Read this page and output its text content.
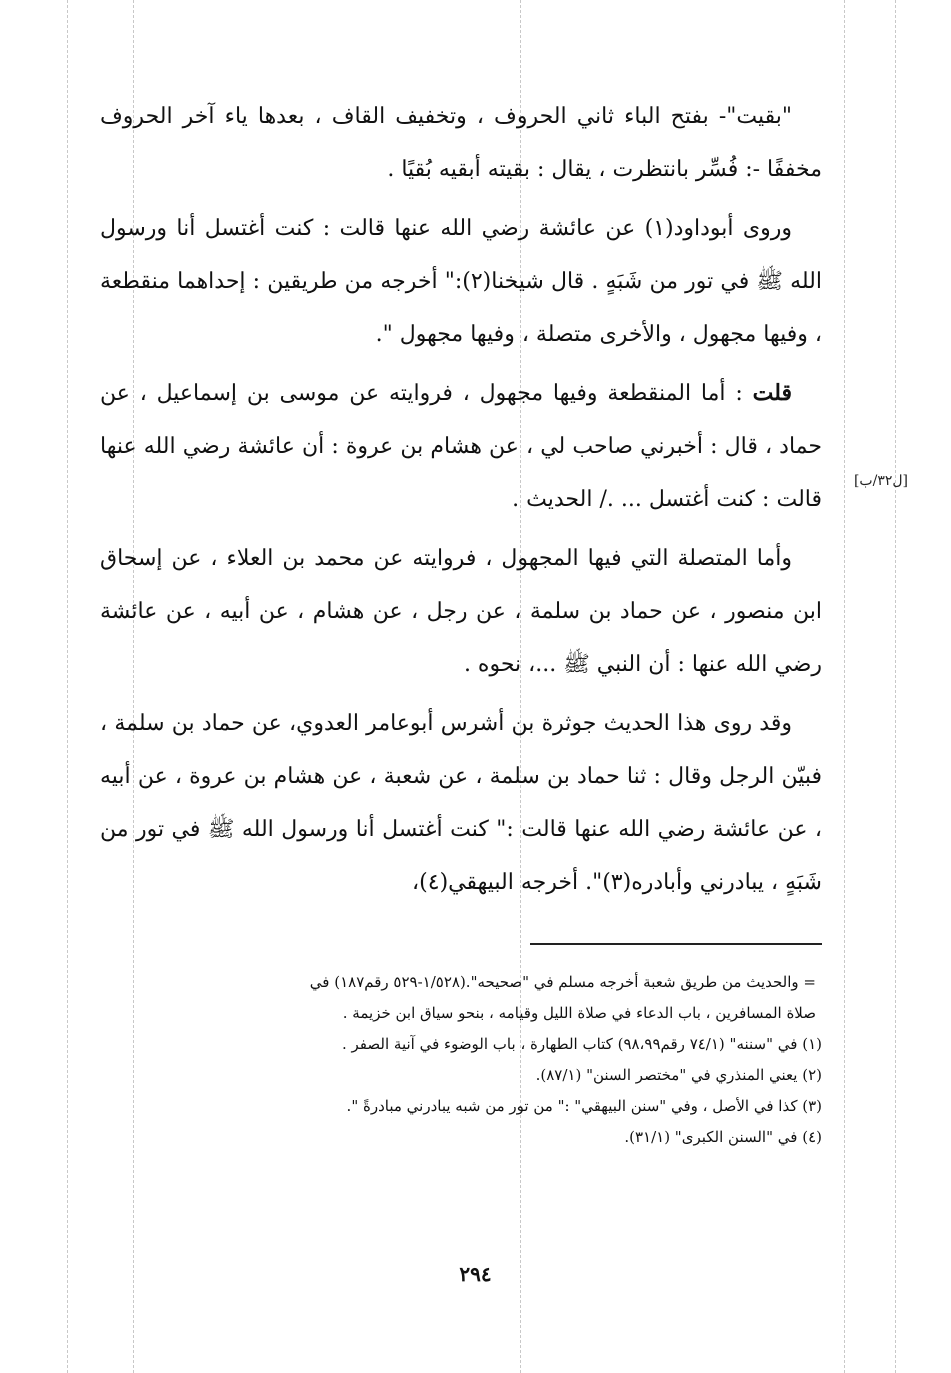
"بقيت"- بفتح الباء ثاني الحروف ، وتخفيف القاف ، بعدها ياء آخر الحروف مخففًا -: فُسِّر بانتظرت ، يقال : بقيته أبقيه بُقيًا .

وروى أبوداود(١) عن عائشة رضي الله عنها قالت : كنت أغتسل أنا ورسول الله ﷺ في تور من شَبَهٍ . قال شيخنا(٢):" أخرجه من طريقين : إحداهما منقطعة ، وفيها مجهول ، والأخرى متصلة ، وفيها مجهول ".

قلت : أما المنقطعة وفيها مجهول ، فروايته عن موسى بن إسماعيل ، عن حماد ، قال : أخبرني صاحب لي ، عن هشام بن عروة : أن عائشة رضي الله عنها قالت : كنت أغتسل ... ./ الحديث .

وأما المتصلة التي فيها المجهول ، فروايته عن محمد بن العلاء ، عن إسحاق ابن منصور ، عن حماد بن سلمة ، عن رجل ، عن هشام ، عن أبيه ، عن عائشة رضي الله عنها : أن النبي ﷺ ...، نحوه .

وقد روى هذا الحديث جوثرة بن أشرس أبوعامر العدوي، عن حماد بن سلمة ، فبيّن الرجل وقال : ثنا حماد بن سلمة ، عن شعبة ، عن هشام بن عروة ، عن أبيه ، عن عائشة رضي الله عنها قالت :" كنت أغتسل أنا ورسول الله ﷺ في تور من شَبَهٍ ، يبادرني وأبادره(٣)". أخرجه البيهقي(٤)،

[ل٣٢/ب]

= والحديث من طريق شعبة أخرجه مسلم في "صحيحه".(١/٥٢٨-٥٢٩ رقم١٨٧) في

صلاة المسافرين ، باب الدعاء في صلاة الليل وقيامه ، بنحو سياق ابن خزيمة .

(١) في "سننه" (٧٤/١ رقم٩٨،٩٩) كتاب الطهارة ، باب الوضوء في آنية الصفر .

(٢) يعني المنذري في "مختصر السنن" (٨٧/١).

(٣) كذا في الأصل ، وفي "سنن البيهقي" :" من تور من شبه يبادرني مبادرةً ".

(٤) في "السنن الكبرى" (٣١/١).

٢٩٤
